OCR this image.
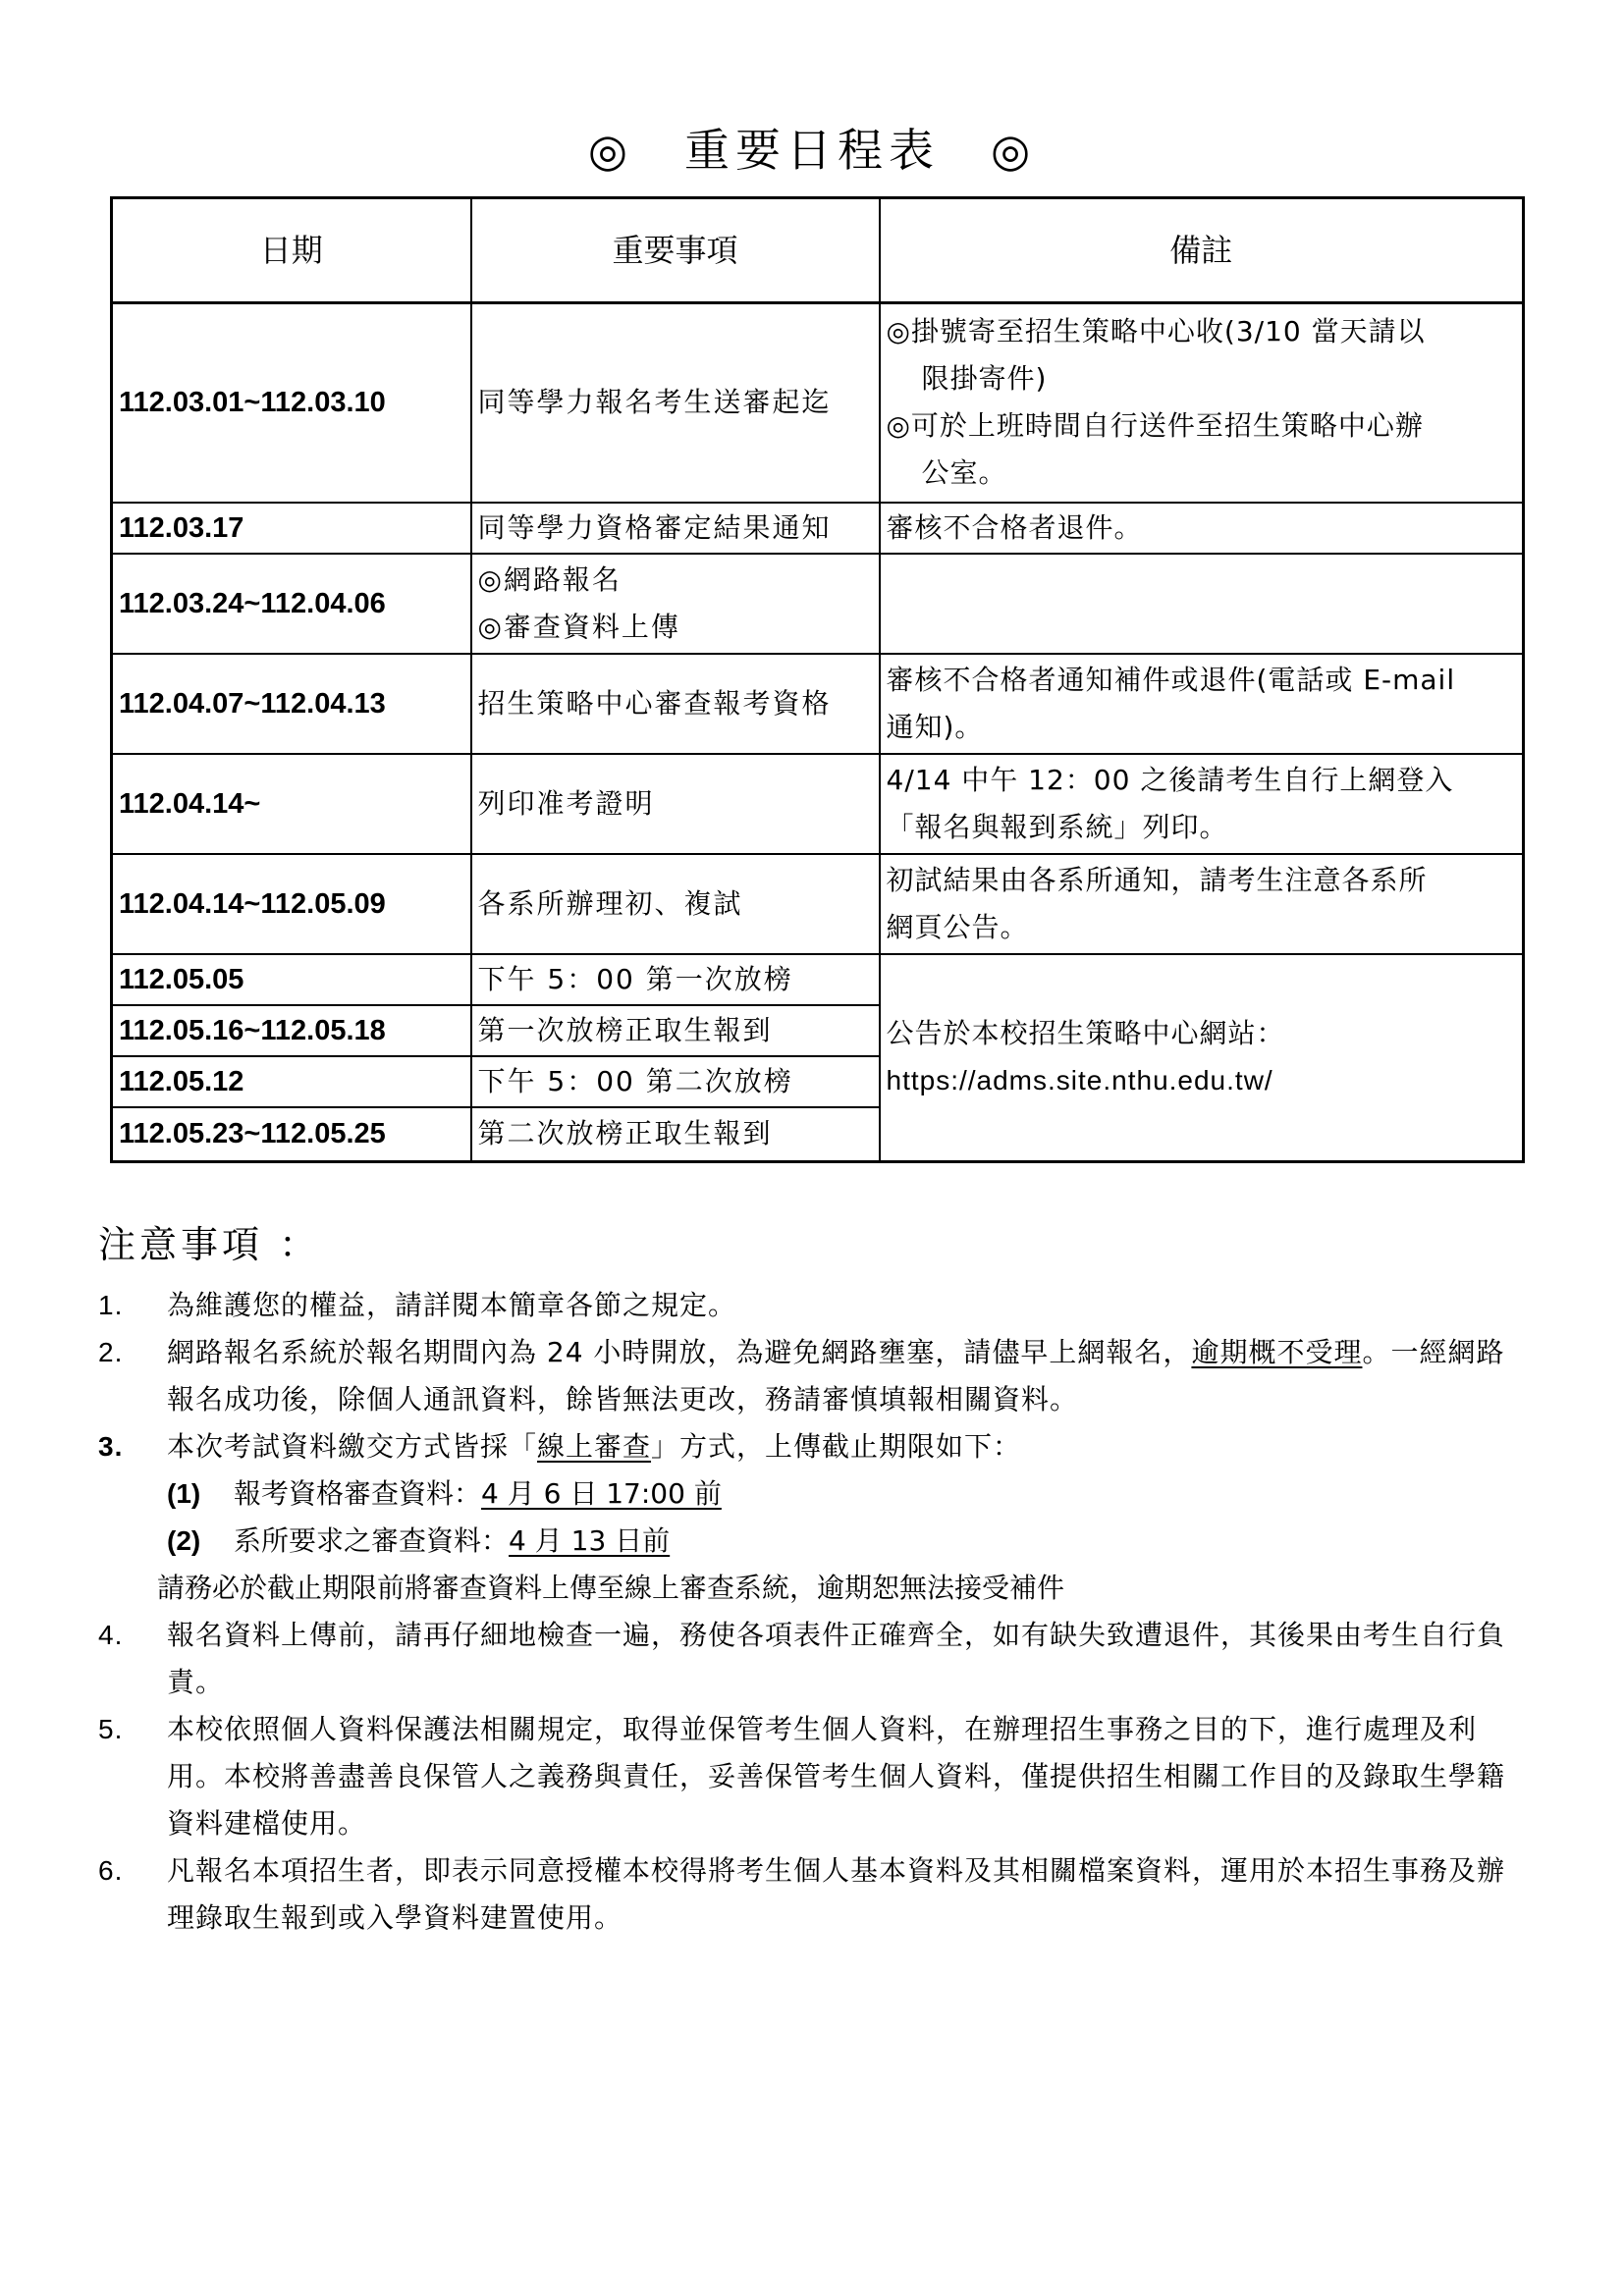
◎　重要日程表　◎
日期	重要事項	備註
112.03.01~112.03.10	同等學力報名考生送審起迄	◎掛號寄至招生策略中心收(3/10 當天請以
限掛寄件)
◎可於上班時間自行送件至招生策略中心辦
公室。

112.03.17	同等學力資格審定結果通知	審核不合格者退件。
112.03.24~112.04.06	◎網路報名
◎審查資料上傳	

112.04.07~112.04.13	招生策略中心審查報考資格	審核不合格者通知補件或退件(電話或 E-mail
通知)。

112.04.14~	列印准考證明	4/14 中午 12：00 之後請考生自行上網登入
「報名與報到系統」列印。

112.04.14~112.05.09	各系所辦理初、複試	初試結果由各系所通知，請考生注意各系所
網頁公告。

112.05.05	下午 5：00 第一次放榜	公告於本校招生策略中心網站：
https://adms.site.nthu.edu.tw/

112.05.16~112.05.18	第一次放榜正取生報到	
112.05.12	下午 5：00 第二次放榜	
112.05.23~112.05.25	第二次放榜正取生報到	
注意事項 ：
1. 為維護您的權益，請詳閱本簡章各節之規定。
2. 網路報名系統於報名期間內為 24 小時開放，為避免網路壅塞，請儘早上網報名，逾期概不受理。一經網路報名成功後，除個人通訊資料，餘皆無法更改，務請審慎填報相關資料。
3. 本次考試資料繳交方式皆採「線上審查」方式，上傳截止期限如下：
(1) 報考資格審查資料：4 月 6 日 17:00 前
(2) 系所要求之審查資料：4 月 13 日前
請務必於截止期限前將審查資料上傳至線上審查系統，逾期恕無法接受補件
4. 報名資料上傳前，請再仔細地檢查一遍，務使各項表件正確齊全，如有缺失致遭退件，其後果由考生自行負責。
5. 本校依照個人資料保護法相關規定，取得並保管考生個人資料，在辦理招生事務之目的下，進行處理及利用。本校將善盡善良保管人之義務與責任，妥善保管考生個人資料，僅提供招生相關工作目的及錄取生學籍資料建檔使用。
6. 凡報名本項招生者，即表示同意授權本校得將考生個人基本資料及其相關檔案資料，運用於本招生事務及辦理錄取生報到或入學資料建置使用。
